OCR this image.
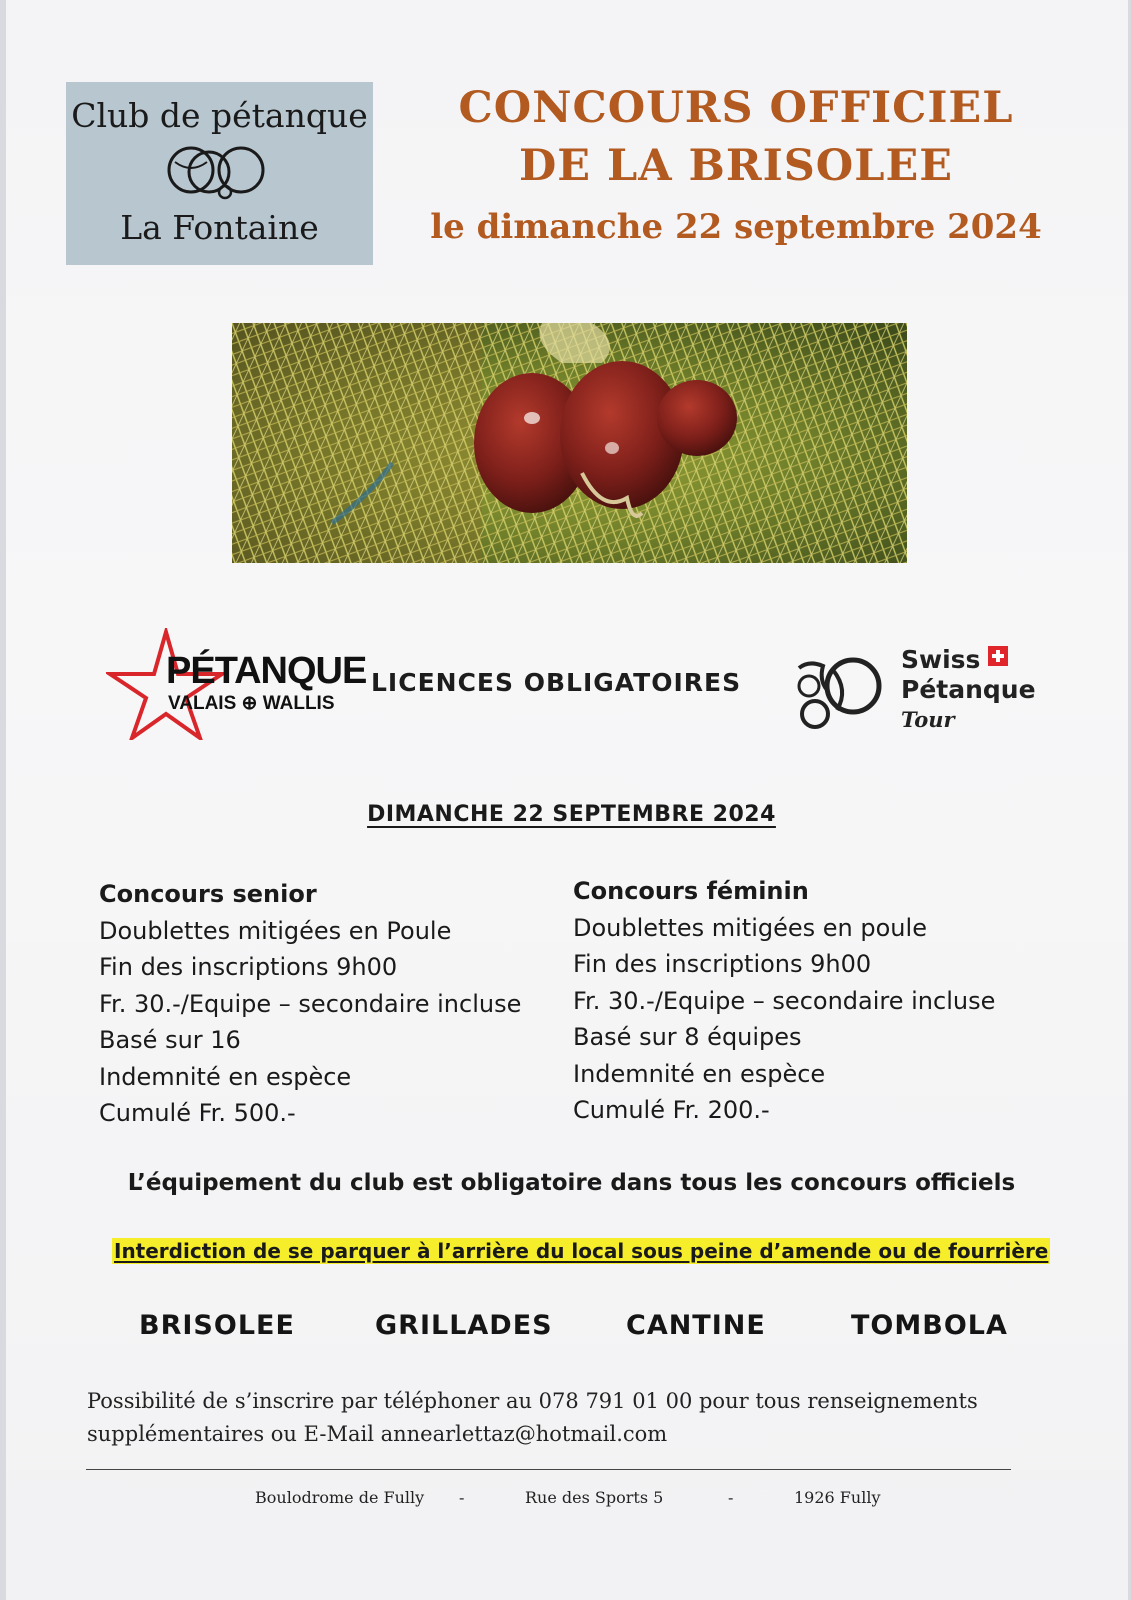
Club de pétanque
La Fontaine
CONCOURS OFFICIEL
DE LA BRISOLEE
le dimanche 22 septembre 2024
PÉTANQUE
VALAIS ⊕ WALLIS
LICENCES OBLIGATOIRES
Swiss
Pétanque
Tour
DIMANCHE 22 SEPTEMBRE 2024
Concours senior
Doublettes mitigées en Poule
Fin des inscriptions 9h00
Fr. 30.-/Equipe – secondaire incluse
Basé sur 16
Indemnité en espèce
Cumulé Fr. 500.-
Concours féminin
Doublettes mitigées en poule
Fin des inscriptions 9h00
Fr. 30.-/Equipe – secondaire incluse
Basé sur 8 équipes
Indemnité en espèce
Cumulé Fr. 200.-
L’équipement du club est obligatoire dans tous les concours officiels
Interdiction de se parquer à l’arrière du local sous peine d’amende ou de fourrière
BRISOLEE	GRILLADES	CANTINE	TOMBOLA
Possibilité de s’inscrire par téléphoner au 078 791 01 00 pour tous renseignements
supplémentaires ou E-Mail annearlettaz@hotmail.com
Boulodrome de Fully -	Rue des Sports 5	-	1926 Fully
